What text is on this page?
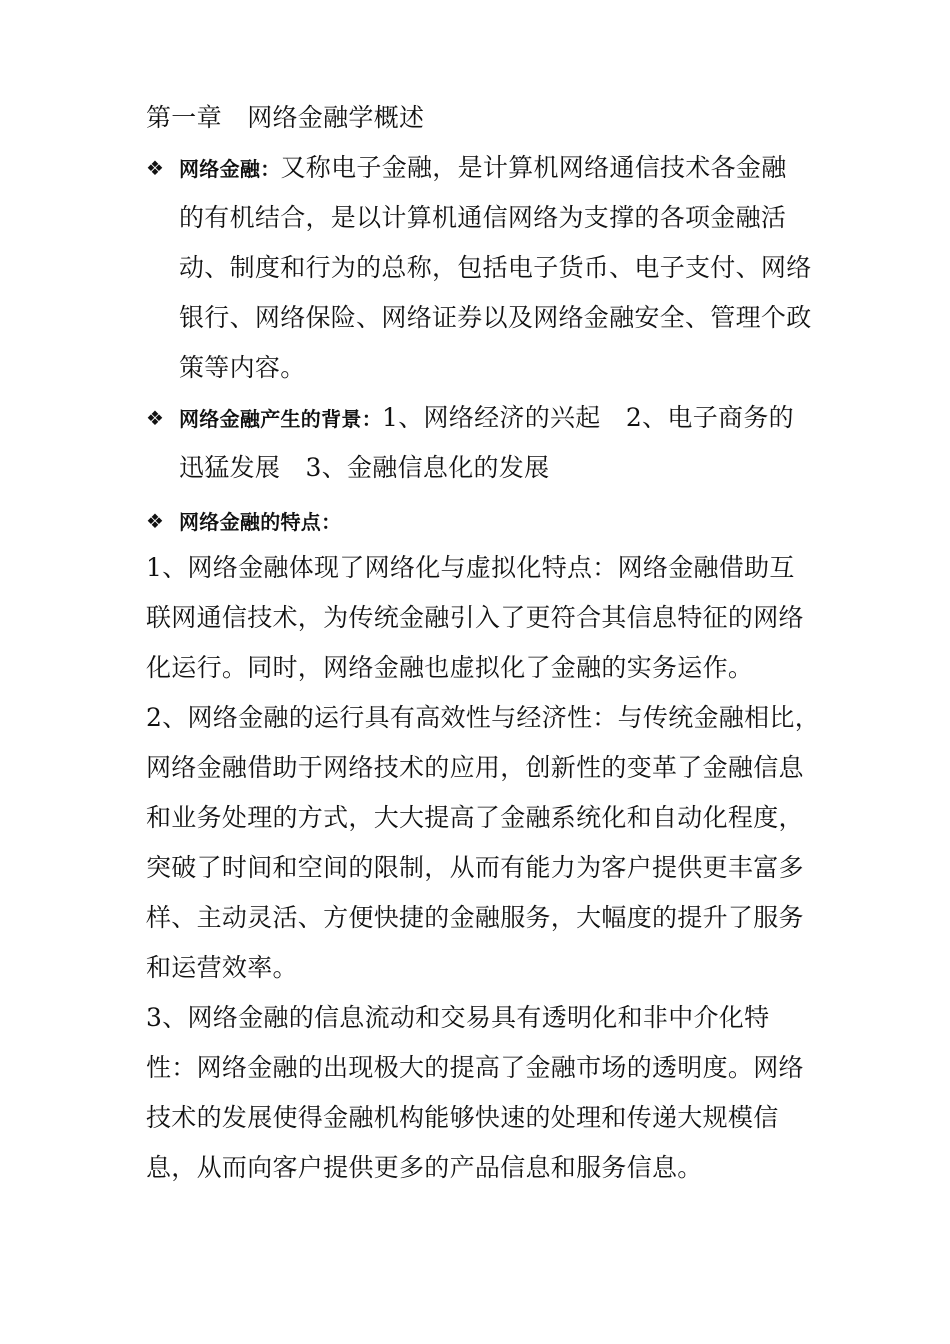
第一章　网络金融学概述
❖ 网络金融：又称电子金融，是计算机网络通信技术各金融
的有机结合，是以计算机通信网络为支撑的各项金融活
动、制度和行为的总称，包括电子货币、电子支付、网络
银行、网络保险、网络证券以及网络金融安全、管理个政
策等内容。
❖ 网络金融产生的背景：1、网络经济的兴起　2、电子商务的
迅猛发展　3、金融信息化的发展
❖ 网络金融的特点：
1、网络金融体现了网络化与虚拟化特点：网络金融借助互
联网通信技术，为传统金融引入了更符合其信息特征的网络
化运行。同时，网络金融也虚拟化了金融的实务运作。
2、网络金融的运行具有高效性与经济性：与传统金融相比，
网络金融借助于网络技术的应用，创新性的变革了金融信息
和业务处理的方式，大大提高了金融系统化和自动化程度，
突破了时间和空间的限制，从而有能力为客户提供更丰富多
样、主动灵活、方便快捷的金融服务，大幅度的提升了服务
和运营效率。
3、网络金融的信息流动和交易具有透明化和非中介化特
性：网络金融的出现极大的提高了金融市场的透明度。网络
技术的发展使得金融机构能够快速的处理和传递大规模信
息，从而向客户提供更多的产品信息和服务信息。
